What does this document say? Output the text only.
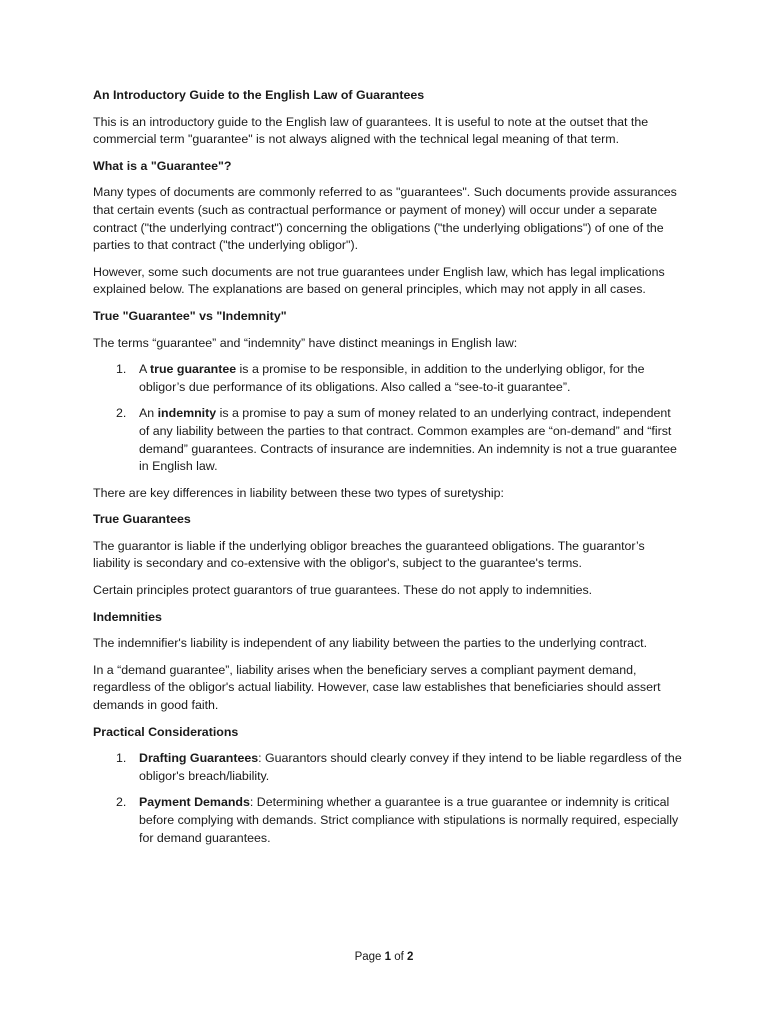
An Introductory Guide to the English Law of Guarantees

This is an introductory guide to the English law of guarantees. It is useful to note at the outset that the commercial term "guarantee" is not always aligned with the technical legal meaning of that term.

What is a "Guarantee"?

Many types of documents are commonly referred to as "guarantees". Such documents provide assurances that certain events (such as contractual performance or payment of money) will occur under a separate contract ("the underlying contract") concerning the obligations ("the underlying obligations") of one of the parties to that contract ("the underlying obligor").

However, some such documents are not true guarantees under English law, which has legal implications explained below. The explanations are based on general principles, which may not apply in all cases.

True "Guarantee" vs "Indemnity"

The terms “guarantee” and “indemnity” have distinct meanings in English law:

1. A true guarantee is a promise to be responsible, in addition to the underlying obligor, for the obligor’s due performance of its obligations. Also called a “see-to-it guarantee”.
2. An indemnity is a promise to pay a sum of money related to an underlying contract, independent of any liability between the parties to that contract. Common examples are “on-demand” and “first demand” guarantees. Contracts of insurance are indemnities. An indemnity is not a true guarantee in English law.

There are key differences in liability between these two types of suretyship:

True Guarantees

The guarantor is liable if the underlying obligor breaches the guaranteed obligations. The guarantor’s liability is secondary and co-extensive with the obligor's, subject to the guarantee's terms.

Certain principles protect guarantors of true guarantees. These do not apply to indemnities.

Indemnities

The indemnifier's liability is independent of any liability between the parties to the underlying contract.

In a “demand guarantee”, liability arises when the beneficiary serves a compliant payment demand, regardless of the obligor's actual liability. However, case law establishes that beneficiaries should assert demands in good faith.

Practical Considerations

1. Drafting Guarantees: Guarantors should clearly convey if they intend to be liable regardless of the obligor's breach/liability.
2. Payment Demands: Determining whether a guarantee is a true guarantee or indemnity is critical before complying with demands. Strict compliance with stipulations is normally required, especially for demand guarantees.
Page 1 of 2
